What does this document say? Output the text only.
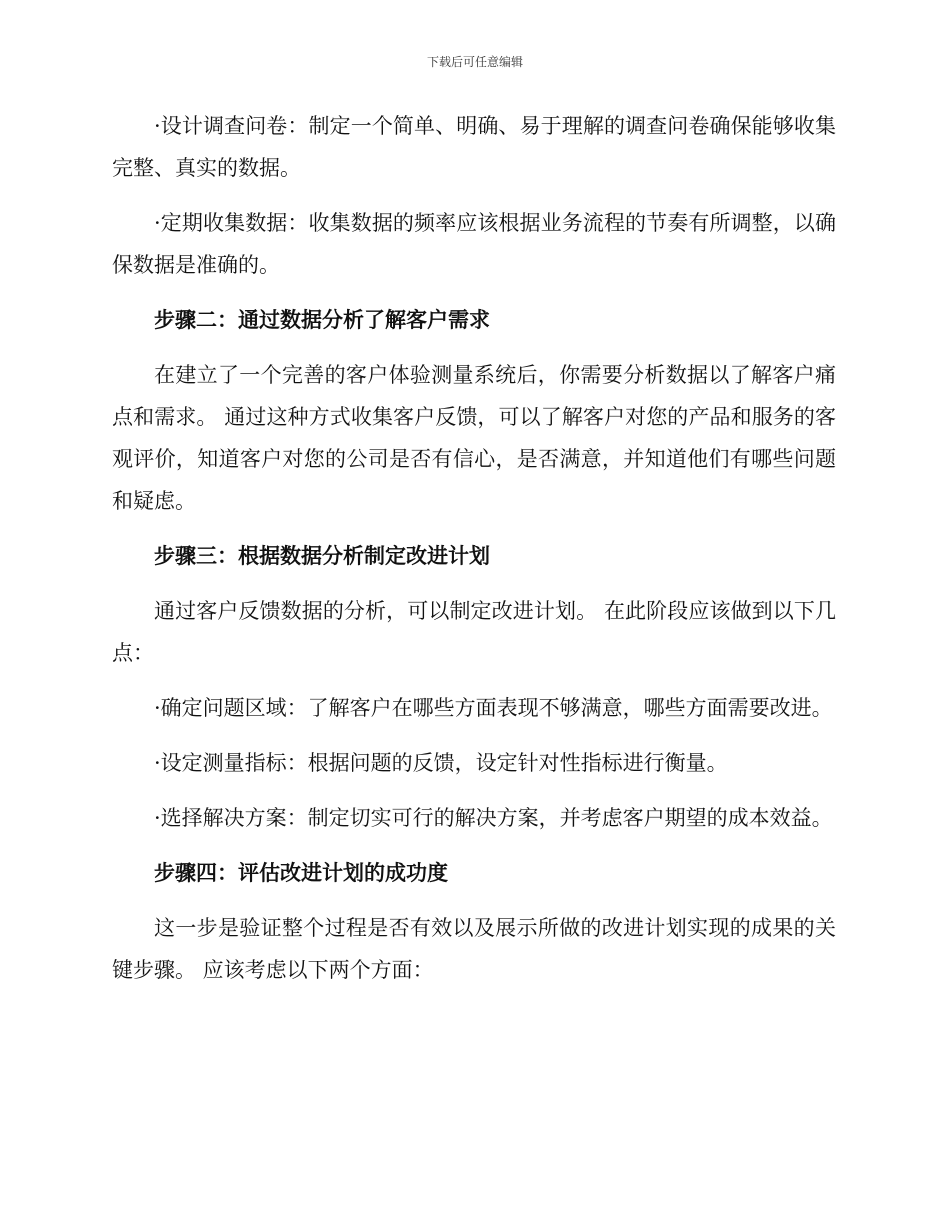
下载后可任意编辑

·设计调查问卷：制定一个简单、明确、易于理解的调查问卷确保能够收集完整、真实的数据。

·定期收集数据：收集数据的频率应该根据业务流程的节奏有所调整，以确保数据是准确的。

步骤二：通过数据分析了解客户需求

在建立了一个完善的客户体验测量系统后，你需要分析数据以了解客户痛点和需求。 通过这种方式收集客户反馈，可以了解客户对您的产品和服务的客观评价，知道客户对您的公司是否有信心，是否满意，并知道他们有哪些问题和疑虑。

步骤三：根据数据分析制定改进计划

通过客户反馈数据的分析，可以制定改进计划。 在此阶段应该做到以下几点：

·确定问题区域：了解客户在哪些方面表现不够满意，哪些方面需要改进。

·设定测量指标：根据问题的反馈，设定针对性指标进行衡量。

·选择解决方案：制定切实可行的解决方案，并考虑客户期望的成本效益。

步骤四：评估改进计划的成功度

这一步是验证整个过程是否有效以及展示所做的改进计划实现的成果的关键步骤。 应该考虑以下两个方面：
